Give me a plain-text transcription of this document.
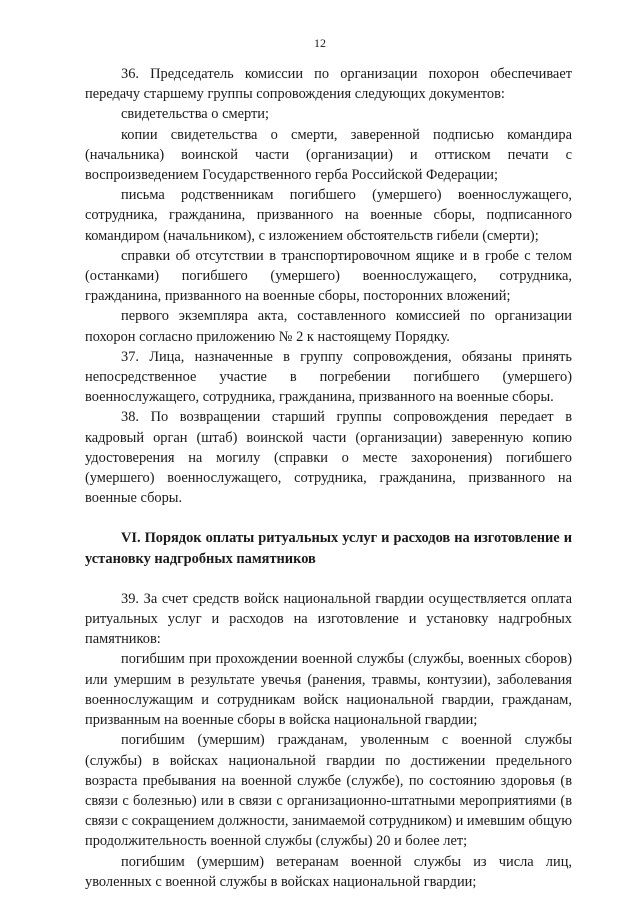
12

36. Председатель комиссии по организации похорон обеспечивает передачу старшему группы сопровождения следующих документов:

свидетельства о смерти;

копии свидетельства о смерти, заверенной подписью командира (начальника) воинской части (организации) и оттиском печати с воспроизведением Государственного герба Российской Федерации;

письма родственникам погибшего (умершего) военнослужащего, сотрудника, гражданина, призванного на военные сборы, подписанного командиром (начальником), с изложением обстоятельств гибели (смерти);

справки об отсутствии в транспортировочном ящике и в гробе с телом (останками) погибшего (умершего) военнослужащего, сотрудника, гражданина, призванного на военные сборы, посторонних вложений;

первого экземпляра акта, составленного комиссией по организации похорон согласно приложению № 2 к настоящему Порядку.

37. Лица, назначенные в группу сопровождения, обязаны принять непосредственное участие в погребении погибшего (умершего) военнослужащего, сотрудника, гражданина, призванного на военные сборы.

38. По возвращении старший группы сопровождения передает в кадровый орган (штаб) воинской части (организации) заверенную копию удостоверения на могилу (справки о месте захоронения) погибшего (умершего) военнослужащего, сотрудника, гражданина, призванного на военные сборы.

VI. Порядок оплаты ритуальных услуг и расходов на изготовление и установку надгробных памятников

39. За счет средств войск национальной гвардии осуществляется оплата ритуальных услуг и расходов на изготовление и установку надгробных памятников:

погибшим при прохождении военной службы (службы, военных сборов) или умершим в результате увечья (ранения, травмы, контузии), заболевания военнослужащим и сотрудникам войск национальной гвардии, гражданам, призванным на военные сборы в войска национальной гвардии;

погибшим (умершим) гражданам, уволенным с военной службы (службы) в войсках национальной гвардии по достижении предельного возраста пребывания на военной службе (службе), по состоянию здоровья (в связи с болезнью) или в связи с организационно-штатными мероприятиями (в связи с сокращением должности, занимаемой сотрудником) и имевшим общую продолжительность военной службы (службы) 20 и более лет;

погибшим (умершим) ветеранам военной службы из числа лиц, уволенных с военной службы в войсках национальной гвардии;
